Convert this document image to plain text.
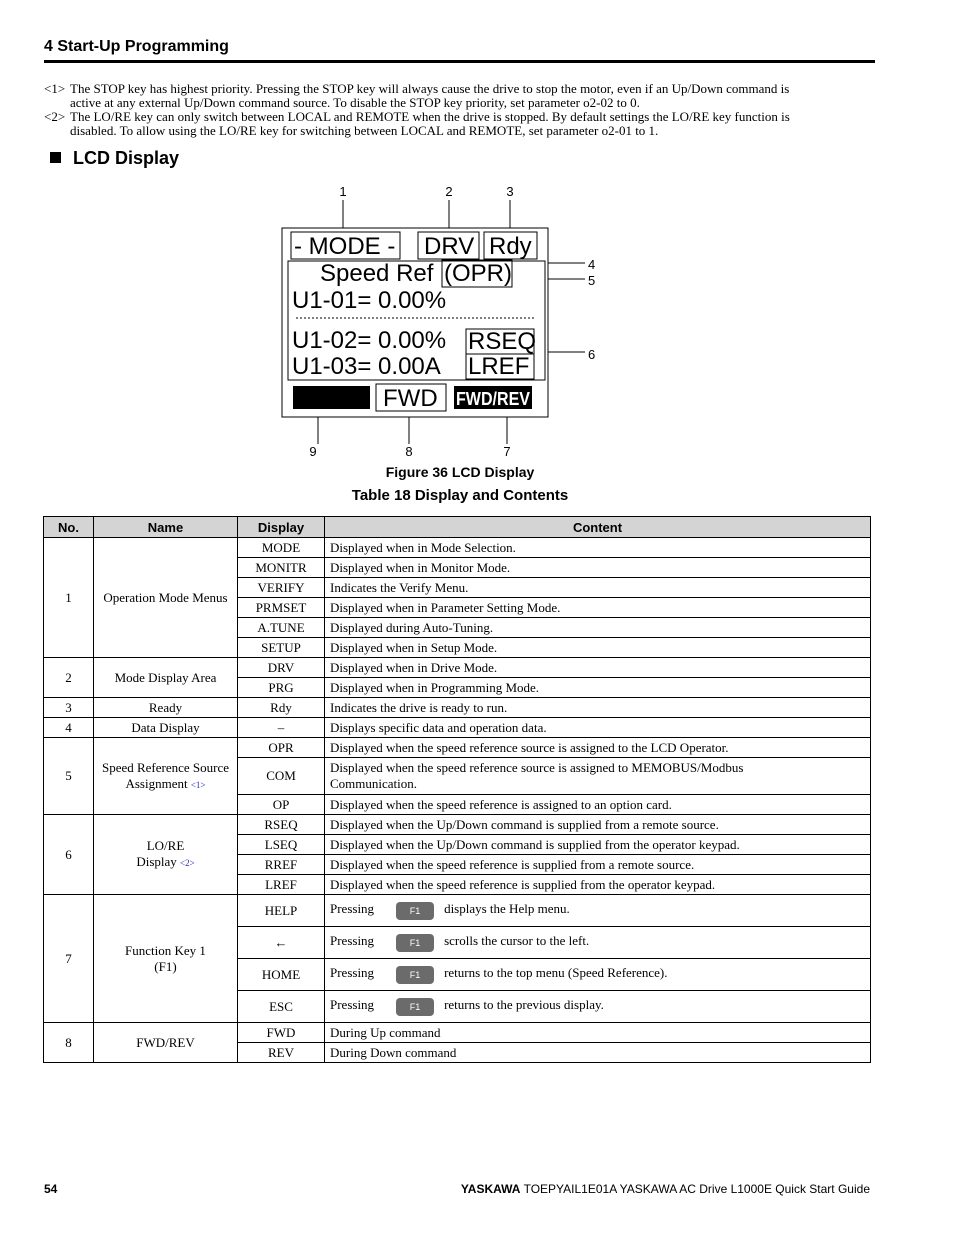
4 Start-Up Programming
<1> The STOP key has highest priority. Pressing the STOP key will always cause the drive to stop the motor, even if an Up/Down command is
active at any external Up/Down command source. To disable the STOP key priority, set parameter o2-02 to 0.
<2> The LO/RE key can only switch between LOCAL and REMOTE when the drive is stopped. By default settings the LO/RE key function is
disabled. To allow using the LO/RE key for switching between LOCAL and REMOTE, set parameter o2-01 to 1.
LCD Display
1	2	3
4
5
6
7
8
9
- MODE - DRV Rdy
Speed Ref (OPR)
U1-01= 0.00%
U1-02= 0.00%
U1-03= 0.00A
RSEQ
LREF
FWD FWD/REV
Figure 36 LCD Display
Table 18 Display and Contents
No.	Name	Display	Content
1	Operation Mode Menus	MODE	Displayed when in Mode Selection.
		MONITR	Displayed when in Monitor Mode.
		VERIFY	Indicates the Verify Menu.
		PRMSET	Displayed when in Parameter Setting Mode.
		A.TUNE	Displayed during Auto-Tuning.
		SETUP	Displayed when in Setup Mode.
2	Mode Display Area	DRV	Displayed when in Drive Mode.
		PRG	Displayed when in Programming Mode.
3	Ready	Rdy	Indicates the drive is ready to run.
4	Data Display	–	Displays specific data and operation data.
5	Speed Reference Source
Assignment <1>	OPR	Displayed when the speed reference source is assigned to the LCD Operator.
		COM	Displayed when the speed reference source is assigned to MEMOBUS/Modbus
Communication.
		OP	Displayed when the speed reference is assigned to an option card.
6	LO/RE
Display <2>	RSEQ	Displayed when the Up/Down command is supplied from a remote source.
		LSEQ	Displayed when the Up/Down command is supplied from the operator keypad.
		RREF	Displayed when the speed reference is supplied from a remote source.
		LREF	Displayed when the speed reference is supplied from the operator keypad.
7	Function Key 1
(F1)	HELP	Pressing F1 displays the Help menu.
		←	Pressing F1 scrolls the cursor to the left.
		HOME	Pressing F1 returns to the top menu (Speed Reference).
		ESC	Pressing F1 returns to the previous display.
8	FWD/REV	FWD	During Up command
		REV	During Down command
54	YASKAWA TOEPYAIL1E01A YASKAWA AC Drive L1000E Quick Start Guide
